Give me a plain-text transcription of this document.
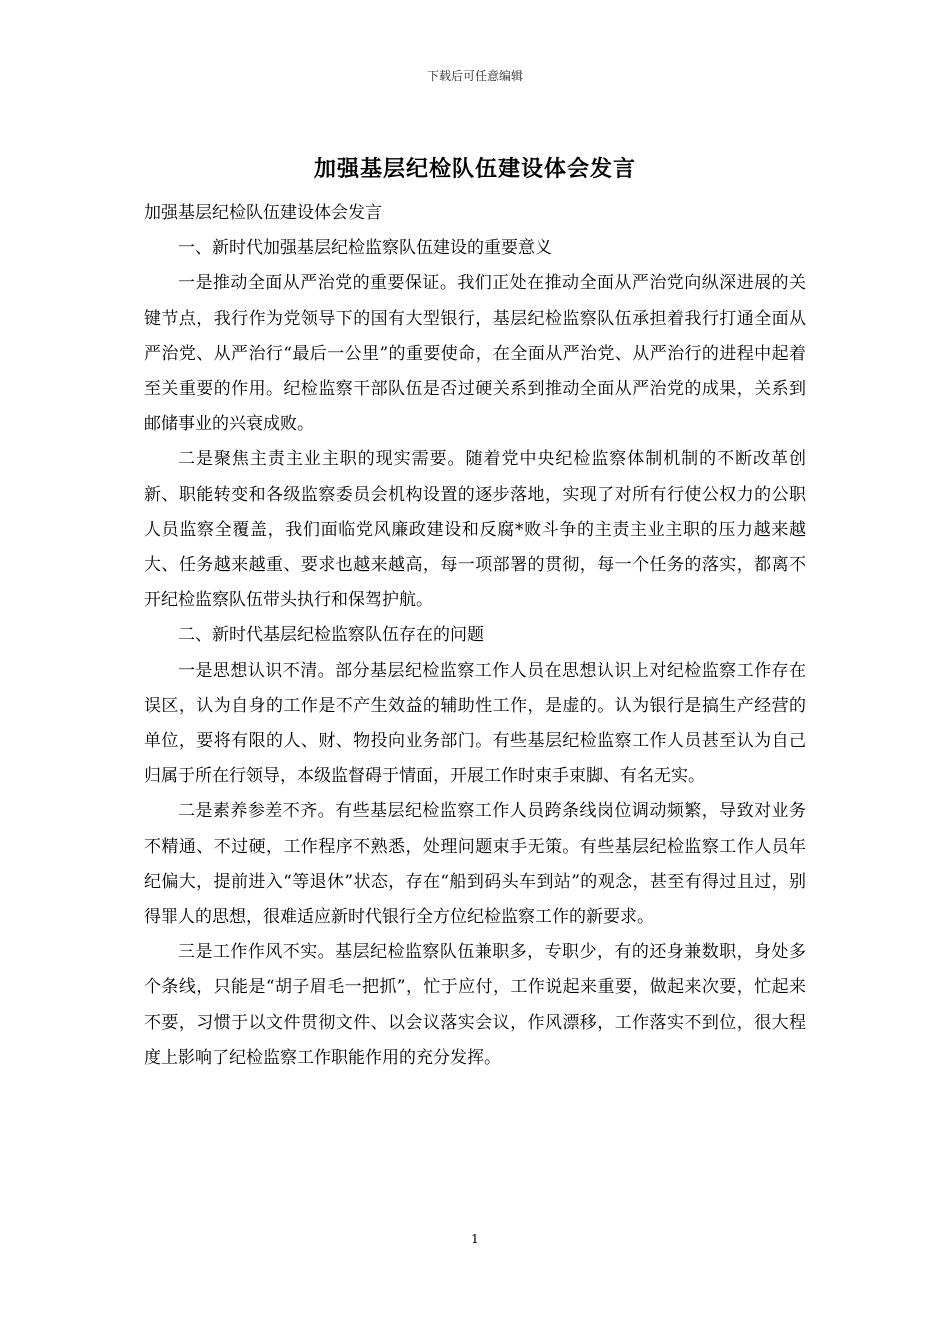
下载后可任意编辑
加强基层纪检队伍建设体会发言

加强基层纪检队伍建设体会发言

一、新时代加强基层纪检监察队伍建设的重要意义

一是推动全面从严治党的重要保证。我们正处在推动全面从严治党向纵深进展的关键节点，我行作为党领导下的国有大型银行，基层纪检监察队伍承担着我行打通全面从严治党、从严治行“最后一公里”的重要使命，在全面从严治党、从严治行的进程中起着至关重要的作用。纪检监察干部队伍是否过硬关系到推动全面从严治党的成果，关系到邮储事业的兴衰成败。

二是聚焦主责主业主职的现实需要。随着党中央纪检监察体制机制的不断改革创新、职能转变和各级监察委员会机构设置的逐步落地，实现了对所有行使公权力的公职人员监察全覆盖，我们面临党风廉政建设和反腐*败斗争的主责主业主职的压力越来越大、任务越来越重、要求也越来越高，每一项部署的贯彻，每一个任务的落实，都离不开纪检监察队伍带头执行和保驾护航。

二、新时代基层纪检监察队伍存在的问题

一是思想认识不清。部分基层纪检监察工作人员在思想认识上对纪检监察工作存在误区，认为自身的工作是不产生效益的辅助性工作，是虚的。认为银行是搞生产经营的单位，要将有限的人、财、物投向业务部门。有些基层纪检监察工作人员甚至认为自己归属于所在行领导，本级监督碍于情面，开展工作时束手束脚、有名无实。

二是素养参差不齐。有些基层纪检监察工作人员跨条线岗位调动频繁，导致对业务不精通、不过硬，工作程序不熟悉，处理问题束手无策。有些基层纪检监察工作人员年纪偏大，提前进入“等退休”状态，存在“船到码头车到站”的观念，甚至有得过且过，别得罪人的思想，很难适应新时代银行全方位纪检监察工作的新要求。

三是工作作风不实。基层纪检监察队伍兼职多，专职少，有的还身兼数职，身处多个条线，只能是“胡子眉毛一把抓”，忙于应付，工作说起来重要，做起来次要，忙起来不要，习惯于以文件贯彻文件、以会议落实会议，作风漂移，工作落实不到位，很大程度上影响了纪检监察工作职能作用的充分发挥。

1
